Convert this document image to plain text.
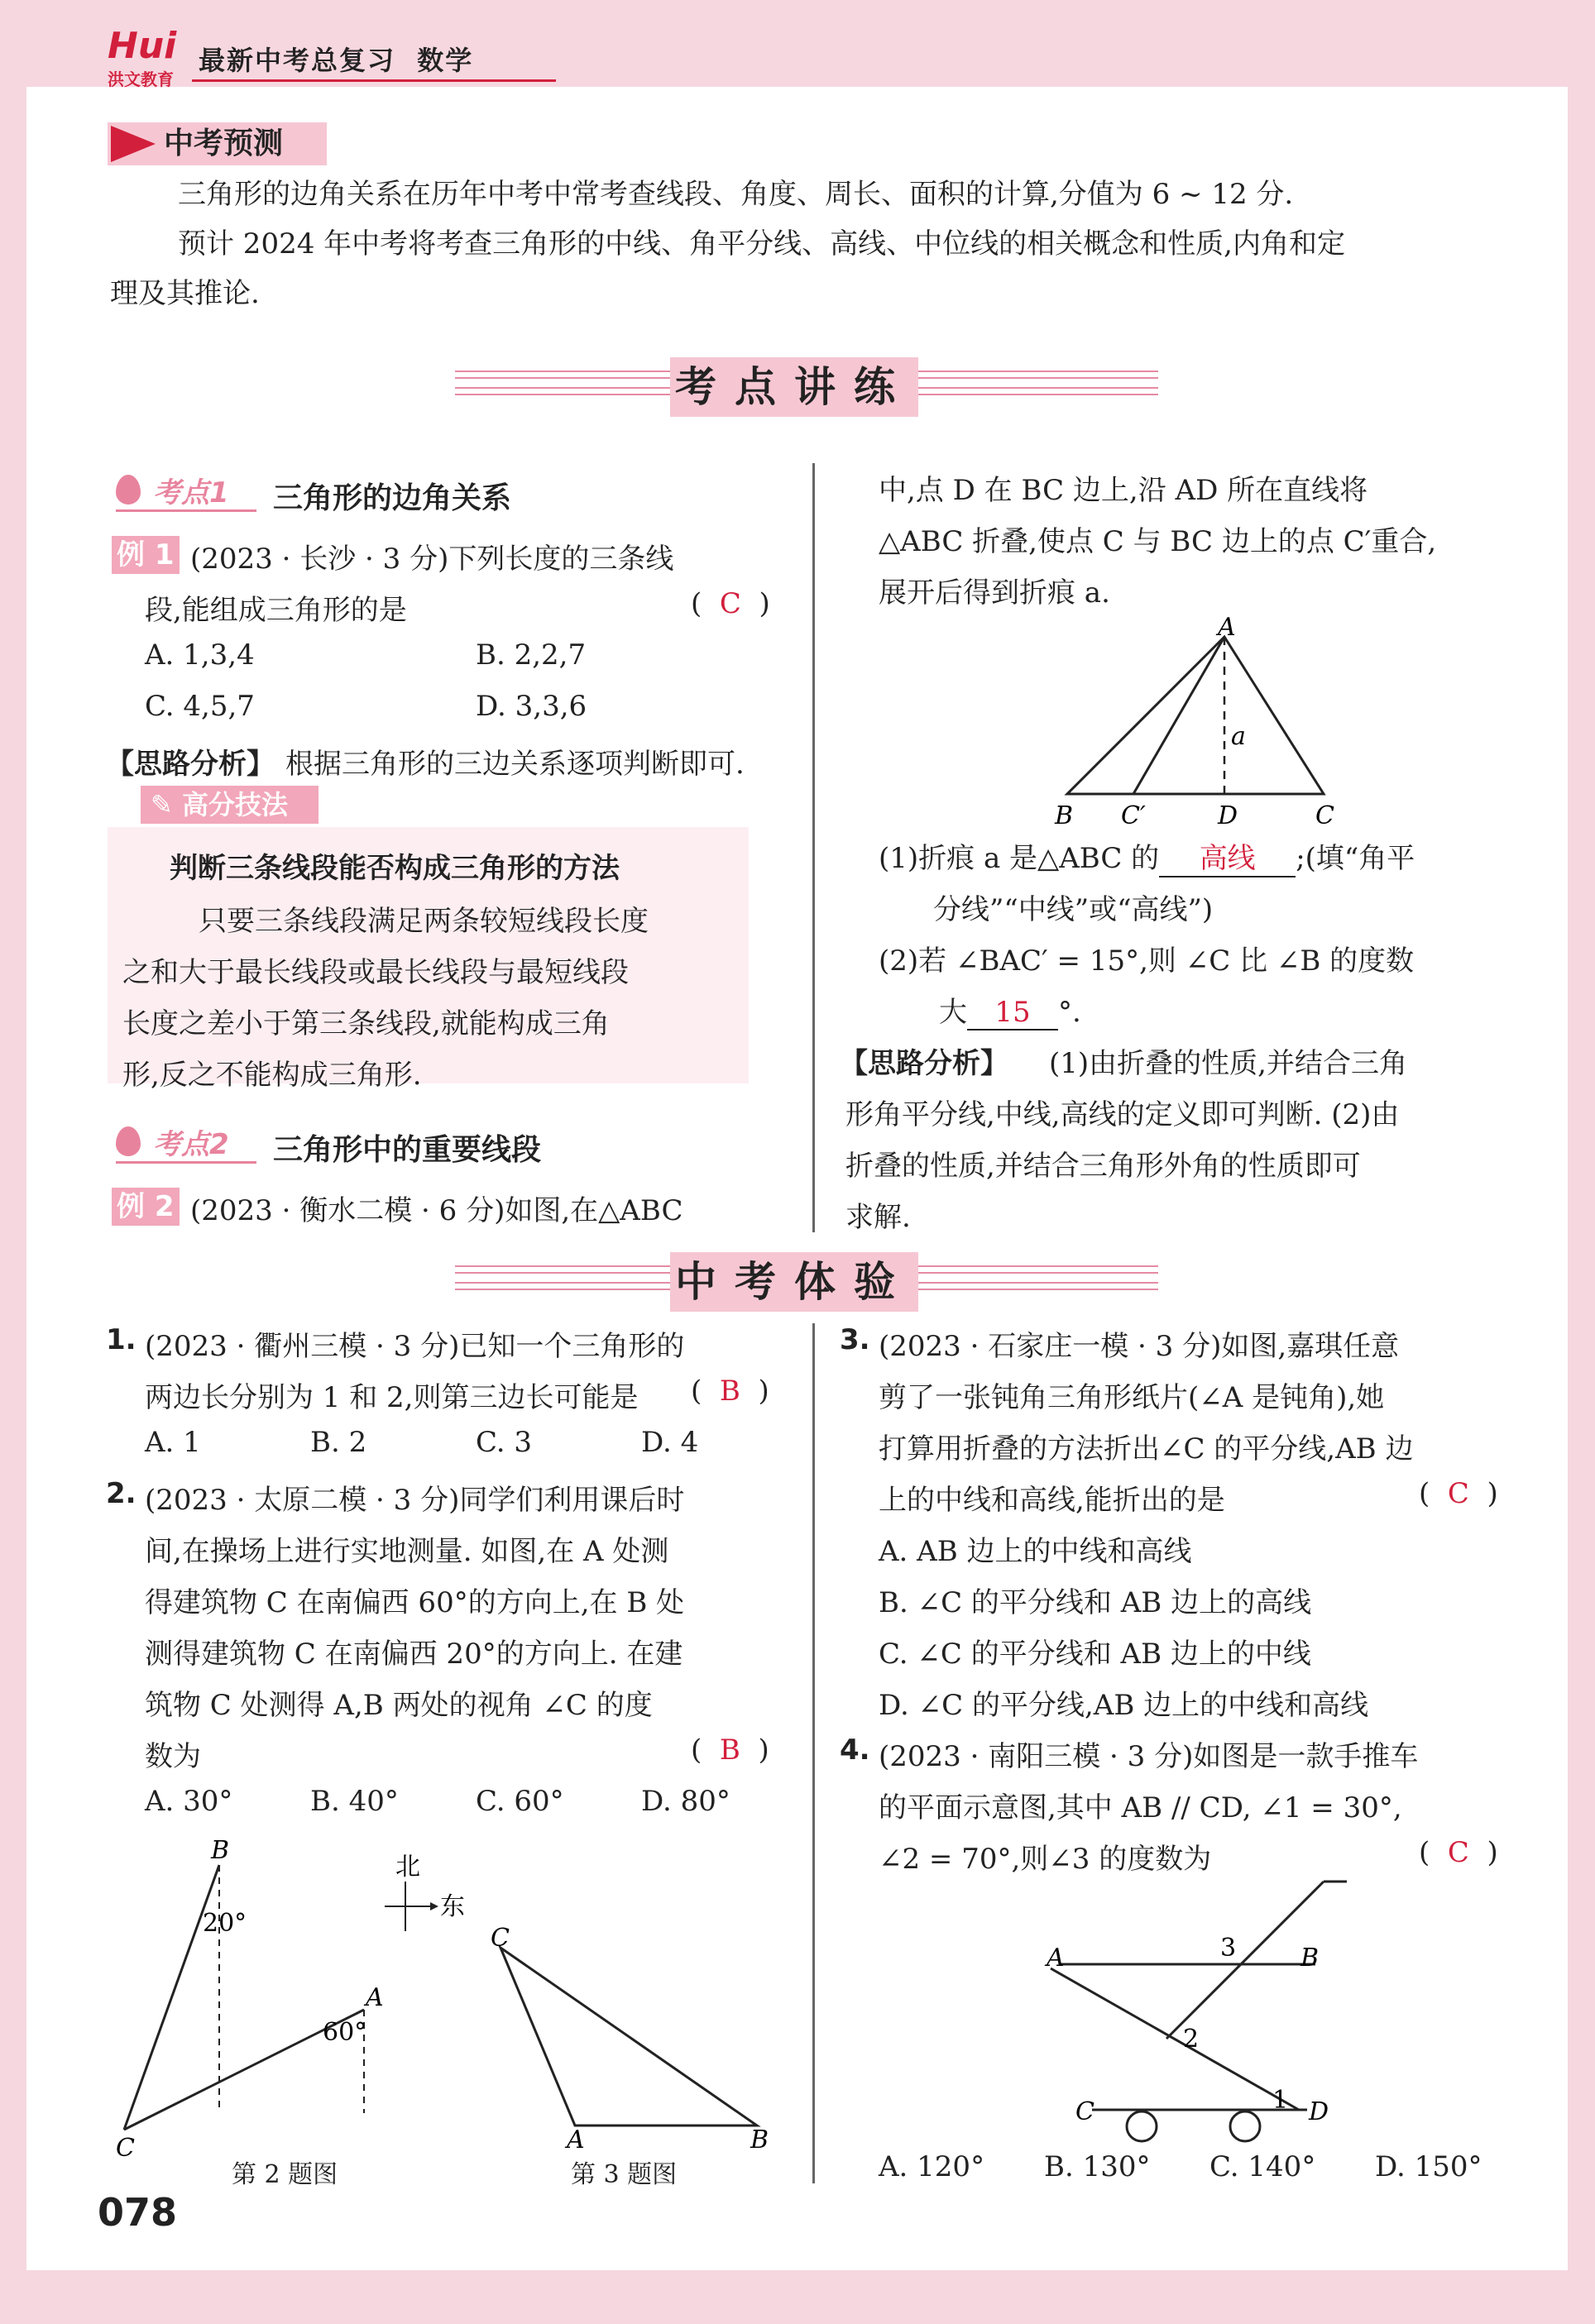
Hui
洪文教育
最新中考总复习 数学
中考预测
三角形的边角关系在历年中考中常考查线段、角度、周长、面积的计算,分值为 6 ~ 12 分.
预计 2024 年中考将考查三角形的中线、角平分线、高线、中位线的相关概念和性质,内角和定
理及其推论.
考点讲练
考点1 三角形的边角关系
例 1 (2023 · 长沙 · 3 分)下列长度的三条线
段,能组成三角形的是	(  C  )
A. 1,3,4	B. 2,2,7
C. 4,5,7	D. 3,3,6
【思路分析】 根据三角形的三边关系逐项判断即可.
✎ 高分技法
判断三条线段能否构成三角形的方法
只要三条线段满足两条较短线段长度
之和大于最长线段或最长线段与最短线段
长度之差小于第三条线段,就能构成三角
形,反之不能构成三角形.
考点2 三角形中的重要线段
例 2 (2023 · 衡水二模 · 6 分)如图,在△ABC
中,点 D 在 BC 边上,沿 AD 所在直线将
△ABC 折叠,使点 C 与 BC 边上的点 C′重合,
展开后得到折痕 a.
A
a
B C′	D	C
(1)折痕 a 是△ABC 的 高线 ;(填“角平
分线”“中线”或“高线”)
(2)若 ∠BAC′ = 15°,则 ∠C 比 ∠B 的度数
大 15 °.
【思路分析】 (1)由折叠的性质,并结合三角
形角平分线,中线,高线的定义即可判断. (2)由
折叠的性质,并结合三角形外角的性质即可
求解.
中考体验
1. (2023 · 衢州三模 · 3 分)已知一个三角形的
两边长分别为 1 和 2,则第三边长可能是 (  B  )
A. 1	B. 2	C. 3	D. 4
2. (2023 · 太原二模 · 3 分)同学们利用课后时
间,在操场上进行实地测量. 如图,在 A 处测
得建筑物 C 在南偏西 60°的方向上,在 B 处
测得建筑物 C 在南偏西 20°的方向上. 在建
筑物 C 处测得 A,B 两处的视角 ∠C 的度
数为	(  B  )
A. 30°	B. 40°	C. 60°	D. 80°
B
20°
A
60°
C
北
东
第 2 题图
C
A	B
第 3 题图
3. (2023 · 石家庄一模 · 3 分)如图,嘉琪任意
剪了一张钝角三角形纸片(∠A 是钝角),她
打算用折叠的方法折出∠C 的平分线,AB 边
上的中线和高线,能折出的是	(  C  )
A. AB 边上的中线和高线
B. ∠C 的平分线和 AB 边上的高线
C. ∠C 的平分线和 AB 边上的中线
D. ∠C 的平分线,AB 边上的中线和高线
4. (2023 · 南阳三模 · 3 分)如图是一款手推车
的平面示意图,其中 AB // CD, ∠1 = 30°,
∠2 = 70°,则∠3 的度数为	(  C  )
A	B
3
2
C	1 D
A. 120° B. 130° C. 140° D. 150°
078
